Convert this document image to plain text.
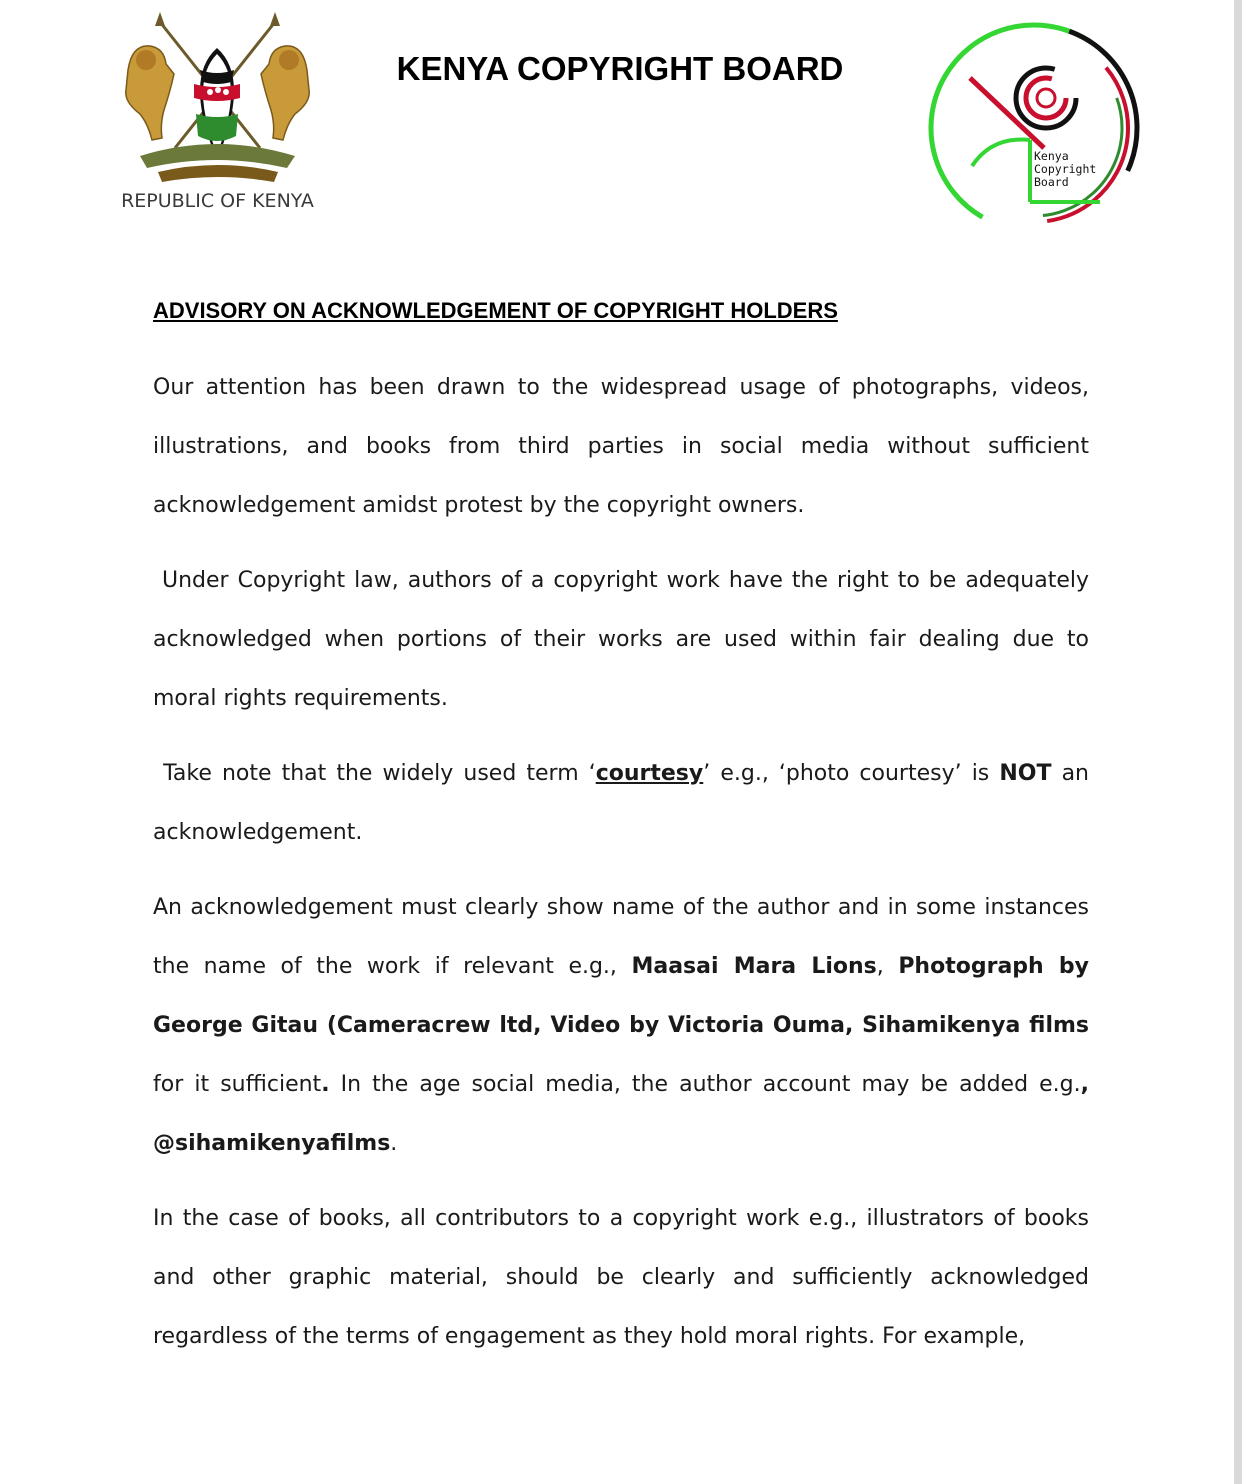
REPUBLIC OF KENYA
KENYA COPYRIGHT BOARD
Kenya
Copyright
Board
ADVISORY ON ACKNOWLEDGEMENT OF COPYRIGHT HOLDERS

Our attention has been drawn to the widespread usage of photographs, videos, illustrations, and books from third parties in social media without sufficient acknowledgement amidst protest by the copyright owners.

Under Copyright law, authors of a copyright work have the right to be adequately acknowledged when portions of their works are used within fair dealing due to moral rights requirements.

Take note that the widely used term ‘courtesy’ e.g., ‘photo courtesy’ is NOT an acknowledgement.

An acknowledgement must clearly show name of the author and in some instances the name of the work if relevant e.g., Maasai Mara Lions, Photograph by George Gitau (Cameracrew ltd, Video by Victoria Ouma, Sihamikenya films for it sufficient. In the age social media, the author account may be added e.g., @sihamikenyafilms.

In the case of books, all contributors to a copyright work e.g., illustrators of books and other graphic material, should be clearly and sufficiently acknowledged regardless of the terms of engagement as they hold moral rights. For example,
